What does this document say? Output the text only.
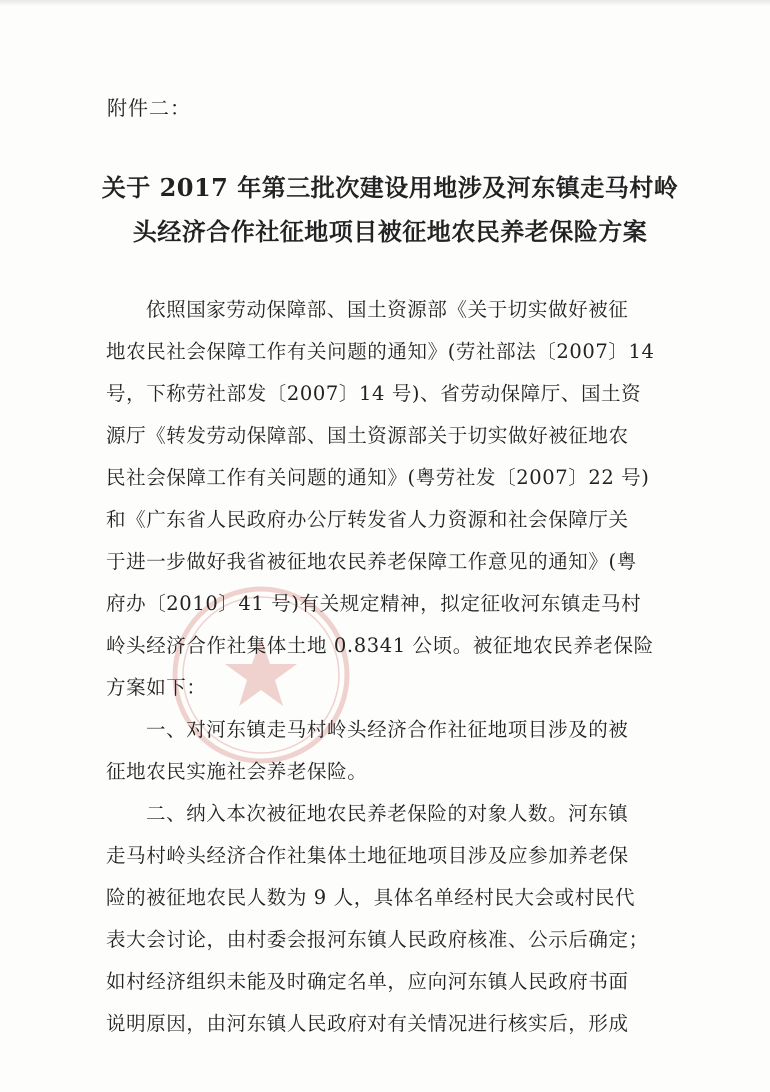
附件二：
关于 2017 年第三批次建设用地涉及河东镇走马村岭
头经济合作社征地项目被征地农民养老保险方案
依照国家劳动保障部、国土资源部《关于切实做好被征
地农民社会保障工作有关问题的通知》(劳社部法〔2007〕14
号，下称劳社部发〔2007〕14 号)、省劳动保障厅、国土资
源厅《转发劳动保障部、国土资源部关于切实做好被征地农
民社会保障工作有关问题的通知》(粤劳社发〔2007〕22 号)
和《广东省人民政府办公厅转发省人力资源和社会保障厅关
于进一步做好我省被征地农民养老保障工作意见的通知》(粤
府办〔2010〕41 号)有关规定精神，拟定征收河东镇走马村
岭头经济合作社集体土地 0.8341 公顷。被征地农民养老保险
方案如下：
一、对河东镇走马村岭头经济合作社征地项目涉及的被
征地农民实施社会养老保险。
二、纳入本次被征地农民养老保险的对象人数。河东镇
走马村岭头经济合作社集体土地征地项目涉及应参加养老保
险的被征地农民人数为 9 人，具体名单经村民大会或村民代
表大会讨论，由村委会报河东镇人民政府核准、公示后确定；
如村经济组织未能及时确定名单，应向河东镇人民政府书面
说明原因，由河东镇人民政府对有关情况进行核实后，形成
